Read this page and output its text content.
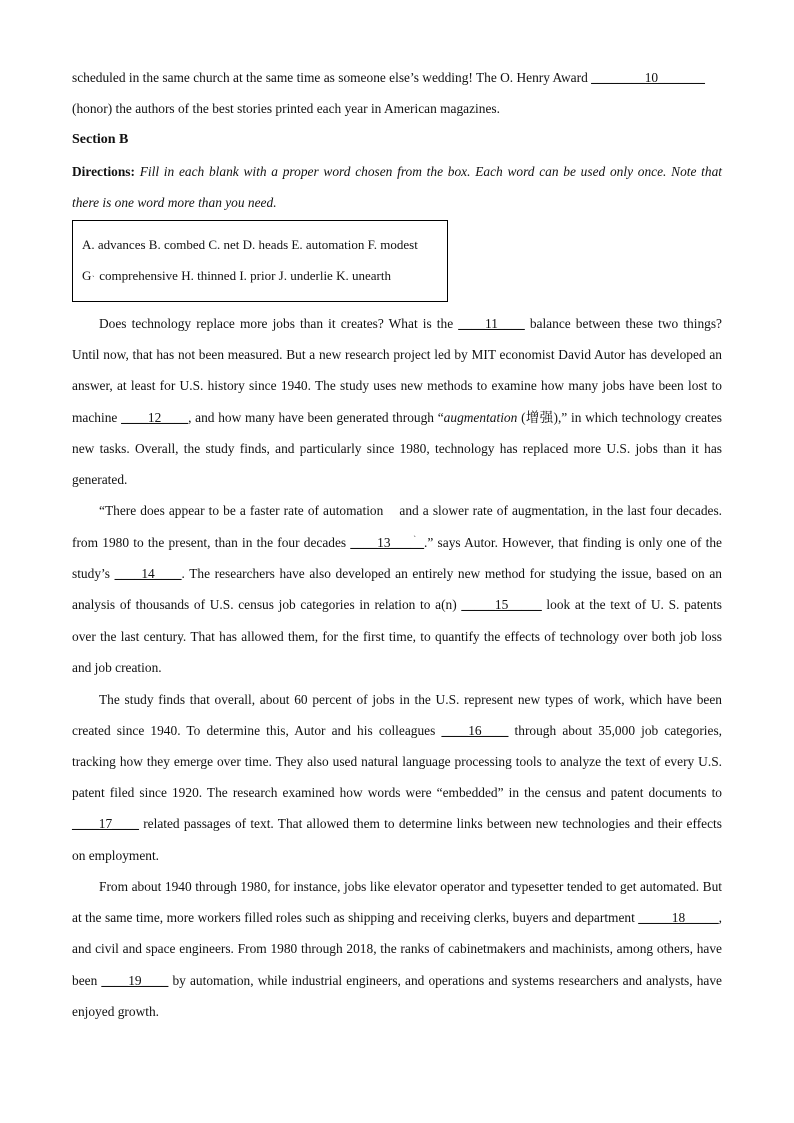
scheduled in the same church at the same time as someone else’s wedding! The O. Henry Award ________10_______
(honor) the authors of the best stories printed each year in American magazines.

Section B

Directions: Fill in each blank with a proper word chosen from the box. Each word can be used only once. Note that there is one word more than you need.

A. advances B. combed C. net D. heads E. automation F. modest
G ˎ comprehensive H. thinned I. prior J. underlie K. unearth

Does technology replace more jobs than it creates? What is the ____11____ balance between these two things? Until now, that has not been measured. But a new research project led by MIT economist David Autor has developed an answer, at least for U.S. history since 1940. The study uses new methods to examine how many jobs have been lost to machine ____12____, and how many have been generated through “augmentation (增强),” in which technology creates new tasks. Overall, the study finds, and particularly since 1980, technology has replaced more U.S. jobs than it has generated.

“There does appear to be a faster rate of automation
ˎ
and a slower rate of augmentation, in the last four decades. from 1980 to the present, than in the four decades ____13_____.” says Autor. However, that finding is only one of the study’s ____14____. The researchers have also developed an entirely new method for studying the issue, based on an analysis of thousands of U.S. census job categories in relation to a(n) _____15_____ look at the text of U. S. patents over the last century. That has allowed them, for the first time, to quantify the effects of technology over both job loss and job creation.

The study finds that overall, about 60 percent of jobs in the U.S. represent new types of work, which have been created since 1940. To determine this, Autor and his colleagues ____16____ through about 35,000 job categories, tracking how they emerge over time. They also used natural language processing tools to analyze the text of every U.S. patent filed since 1920. The research examined how words were “embedded” in the census and patent documents to ____17____ related passages of text. That allowed them to determine links between new technologies and their effects on employment.

From about 1940 through 1980, for instance, jobs like elevator operator and typesetter tended to get automated. But at the same time, more workers filled roles such as shipping and receiving clerks, buyers and department _____18_____, and civil and space engineers. From 1980 through 2018, the ranks of cabinetmakers and machinists, among others, have been ____19____ by automation, while industrial engineers, and operations and systems researchers and analysts, have enjoyed growth.
